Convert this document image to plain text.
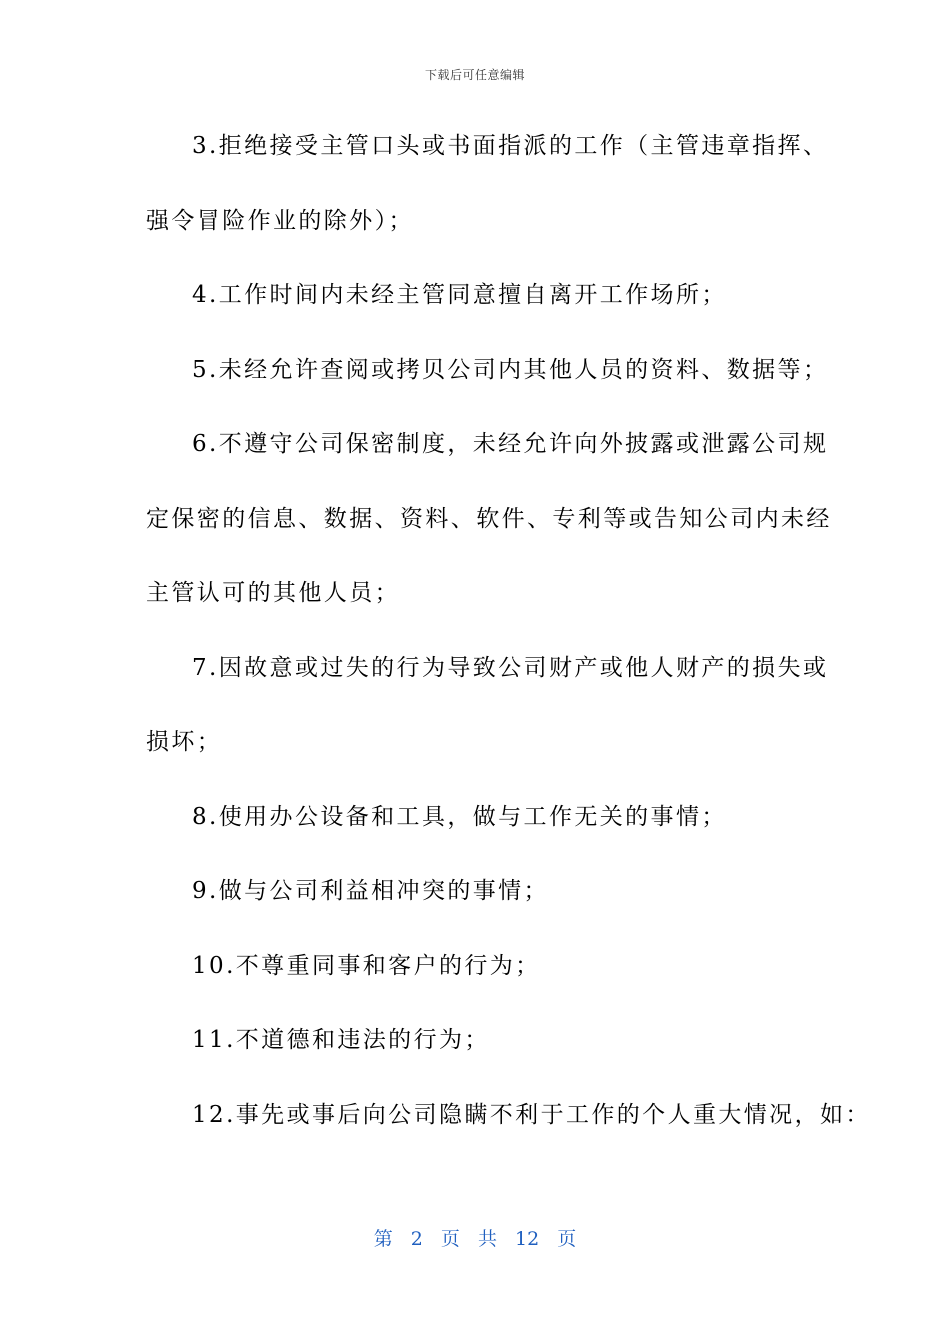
下载后可任意编辑
3.拒绝接受主管口头或书面指派的工作（主管违章指挥、
强令冒险作业的除外）；
4.工作时间内未经主管同意擅自离开工作场所；
5.未经允许查阅或拷贝公司内其他人员的资料、数据等；
6.不遵守公司保密制度，未经允许向外披露或泄露公司规
定保密的信息、数据、资料、软件、专利等或告知公司内未经
主管认可的其他人员；
7.因故意或过失的行为导致公司财产或他人财产的损失或
损坏；
8.使用办公设备和工具，做与工作无关的事情；
9.做与公司利益相冲突的事情；
10.不尊重同事和客户的行为；
11.不道德和违法的行为；
12.事先或事后向公司隐瞒不利于工作的个人重大情况，如：
第 2 页 共 12 页
